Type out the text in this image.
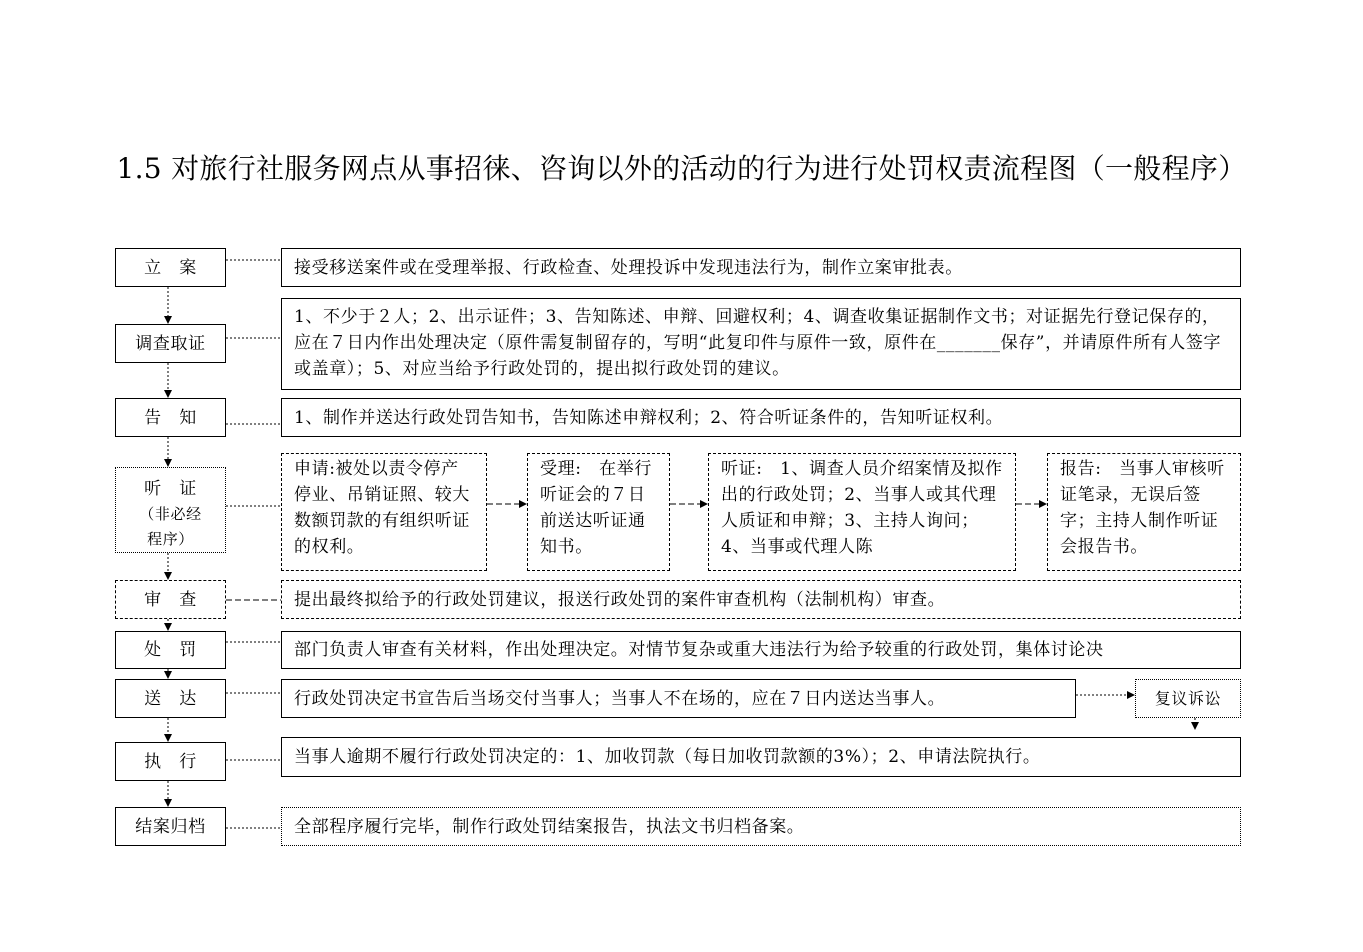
1.5 对旅行社服务网点从事招徕、咨询以外的活动的行为进行处罚权责流程图（一般程序）
立　案
调查取证
告　知
听　证
（非必经
程序）
审　查
处　罚
送　达
执　行
结案归档
接受移送案件或在受理举报、行政检查、处理投诉中发现违法行为，制作立案审批表。
1、不少于２人；2、出示证件；3、告知陈述、申辩、回避权利；4、调查收集证据制作文书；对证据先行登记保存的，应在７日内作出处理决定（原件需复制留存的，写明“此复印件与原件一致，原件在_______保存”，并请原件所有人签字或盖章）；5、对应当给予行政处罚的，提出拟行政处罚的建议。
1、制作并送达行政处罚告知书，告知陈述申辩权利；2、符合听证条件的，告知听证权利。
申请:被处以责令停产停业、吊销证照、较大数额罚款的有组织听证的权利。
受理:　在举行听证会的７日前送达听证通知书。
听证:　1、调查人员介绍案情及拟作出的行政处罚；2、当事人或其代理人质证和申辩；3、主持人询问；4、当事或代理人陈
报告:　当事人审核听证笔录，无误后签字；主持人制作听证会报告书。
提出最终拟给予的行政处罚建议，报送行政处罚的案件审查机构（法制机构）审查。
部门负责人审查有关材料，作出处理决定。对情节复杂或重大违法行为给予较重的行政处罚，集体讨论决
行政处罚决定书宣告后当场交付当事人；当事人不在场的，应在７日内送达当事人。	复议诉讼
当事人逾期不履行行政处罚决定的：1、加收罚款（每日加收罚款额的3%）；2、申请法院执行。
全部程序履行完毕，制作行政处罚结案报告，执法文书归档备案。
